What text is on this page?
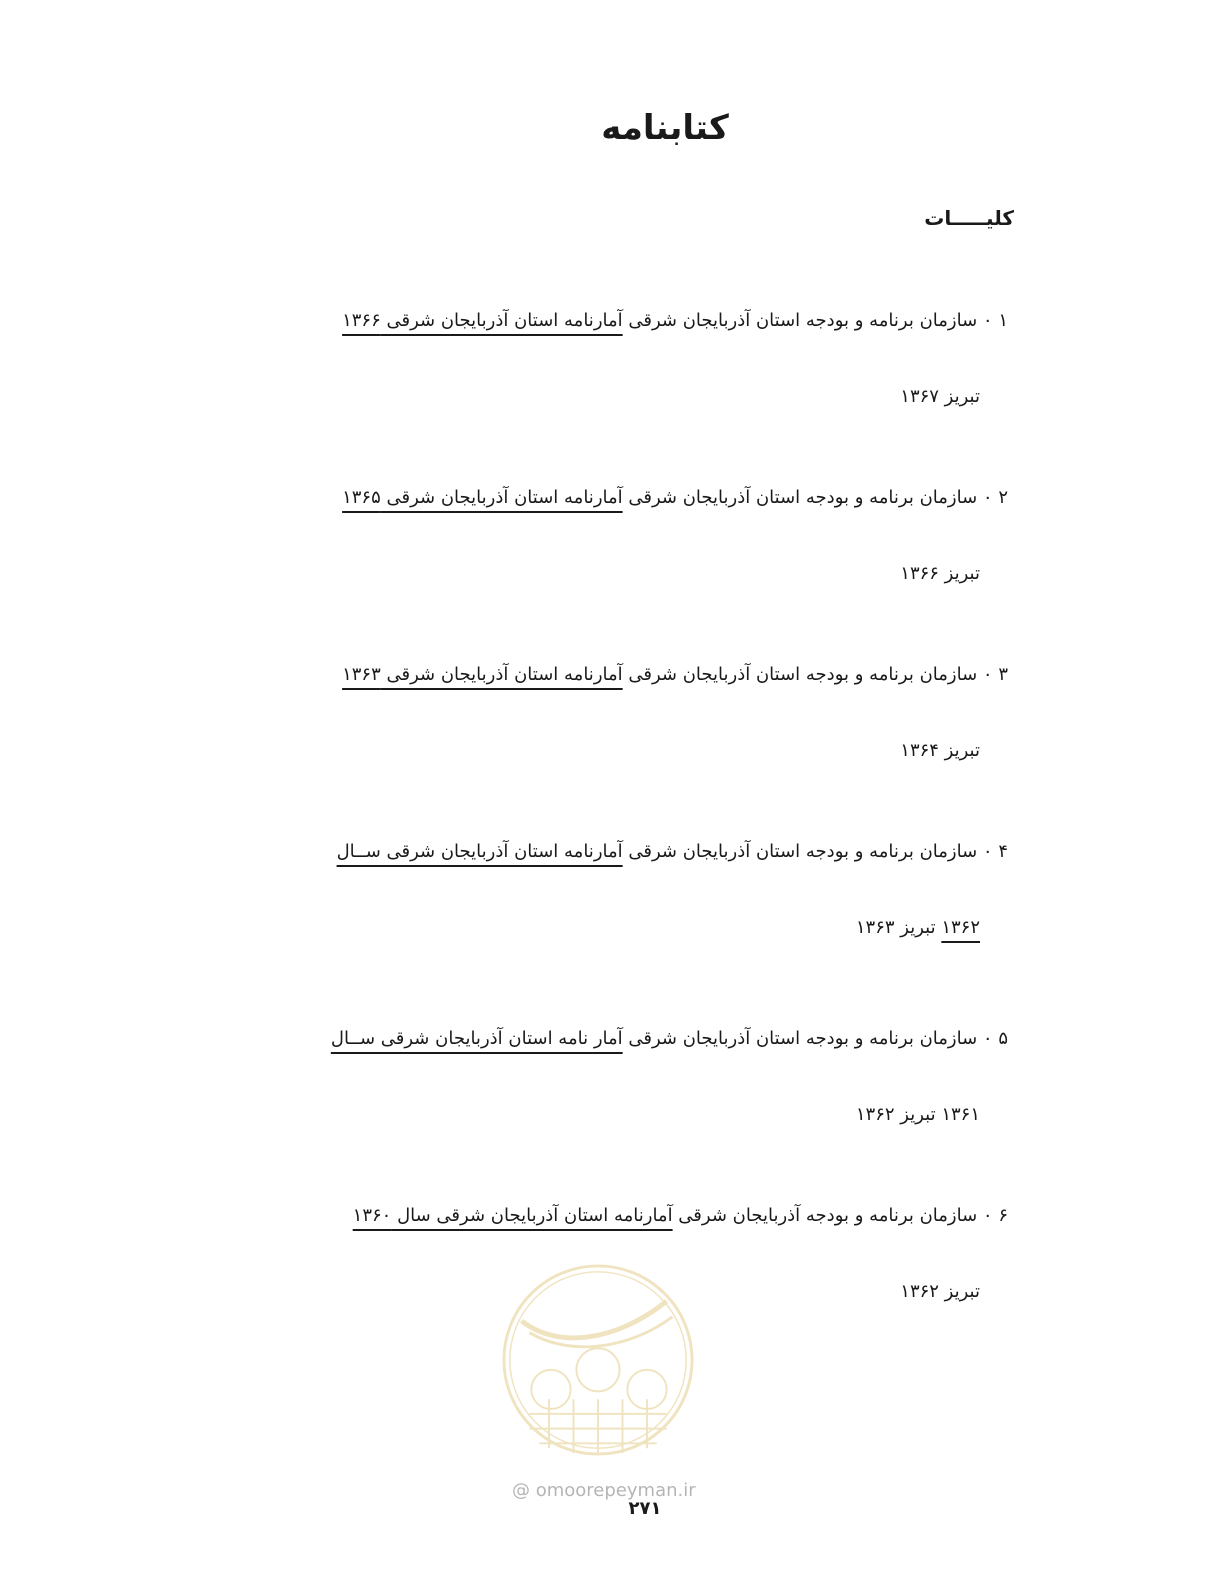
کتابنامه
کلیـــــات
۱ ۰ سازمان برنامه و بودجه استان آذربایجان شرقی آمارنامه استان آذربایجان شرقی ۱۳۶۶
تبریز ۱۳۶۷
۲ ۰ سازمان برنامه و بودجه استان آذربایجان شرقی آمارنامه استان آذربایجان شرقی ۱۳۶۵
تبریز ۱۳۶۶
۳ ۰ سازمان برنامه و بودجه استان آذربایجان شرقی آمارنامه استان آذربایجان شرقی ۱۳۶۳
تبریز ۱۳۶۴
۴ ۰ سازمان برنامه و بودجه استان آذربایجان شرقی آمارنامه استان آذربایجان شرقی ســال
۱۳۶۲ تبریز ۱۳۶۳
۵ ۰ سازمان برنامه و بودجه استان آذربایجان شرقی آمار نامه استان آذربایجان شرقی ســال
۱۳۶۱ تبریز ۱۳۶۲
۶ ۰ سازمان برنامه و بودجه آذربایجان شرقی آمارنامه استان آذربایجان شرقی سال ۱۳۶۰
تبریز ۱۳۶۲
@ omoorepeyman.ir
۲۷۱
